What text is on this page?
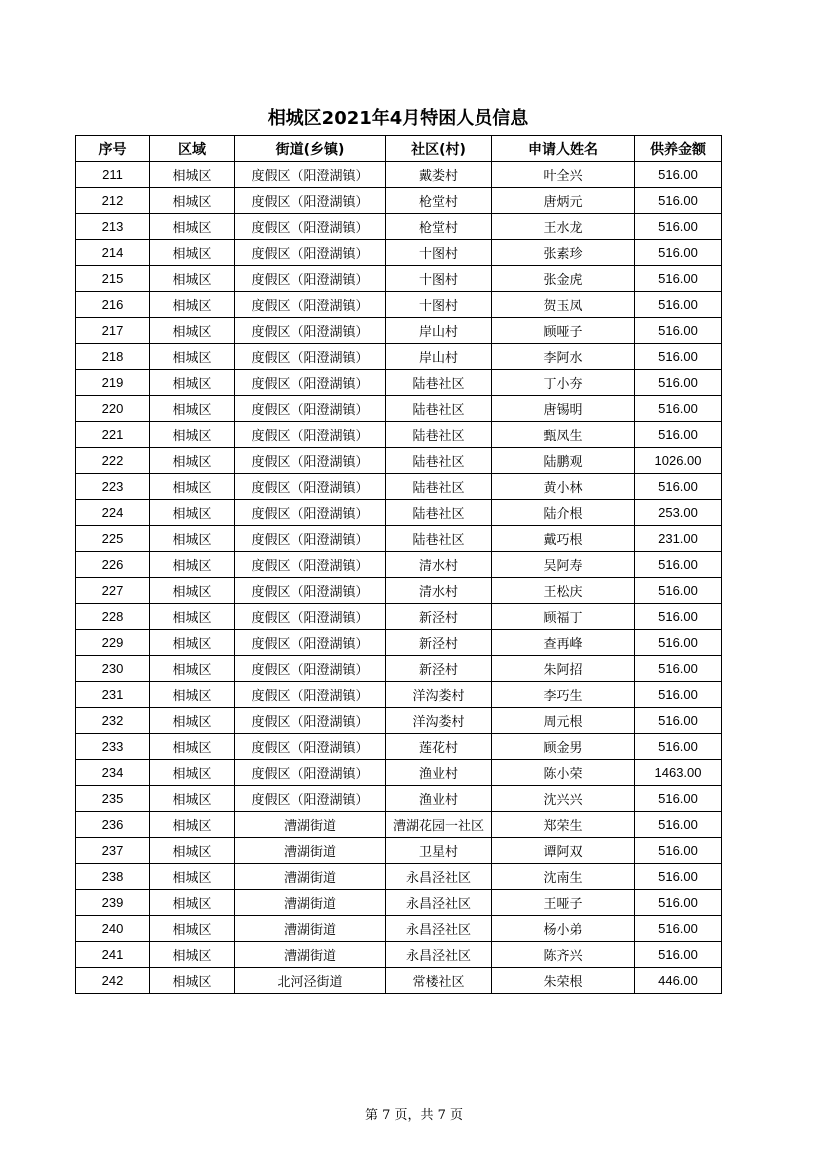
相城区2021年4月特困人员信息
序号	区域	街道(乡镇)	社区(村)	申请人姓名	供养金额
211	相城区	度假区（阳澄湖镇）	戴娄村	叶全兴	516.00
212	相城区	度假区（阳澄湖镇）	枪堂村	唐炳元	516.00
213	相城区	度假区（阳澄湖镇）	枪堂村	王水龙	516.00
214	相城区	度假区（阳澄湖镇）	十图村	张素珍	516.00
215	相城区	度假区（阳澄湖镇）	十图村	张金虎	516.00
216	相城区	度假区（阳澄湖镇）	十图村	贺玉凤	516.00
217	相城区	度假区（阳澄湖镇）	岸山村	顾哑子	516.00
218	相城区	度假区（阳澄湖镇）	岸山村	李阿水	516.00
219	相城区	度假区（阳澄湖镇）	陆巷社区	丁小夯	516.00
220	相城区	度假区（阳澄湖镇）	陆巷社区	唐锡明	516.00
221	相城区	度假区（阳澄湖镇）	陆巷社区	甄凤生	516.00
222	相城区	度假区（阳澄湖镇）	陆巷社区	陆鹏观	1026.00
223	相城区	度假区（阳澄湖镇）	陆巷社区	黄小林	516.00
224	相城区	度假区（阳澄湖镇）	陆巷社区	陆介根	253.00
225	相城区	度假区（阳澄湖镇）	陆巷社区	戴巧根	231.00
226	相城区	度假区（阳澄湖镇）	清水村	吴阿寿	516.00
227	相城区	度假区（阳澄湖镇）	清水村	王松庆	516.00
228	相城区	度假区（阳澄湖镇）	新泾村	顾福丁	516.00
229	相城区	度假区（阳澄湖镇）	新泾村	查再峰	516.00
230	相城区	度假区（阳澄湖镇）	新泾村	朱阿招	516.00
231	相城区	度假区（阳澄湖镇）	洋沟娄村	李巧生	516.00
232	相城区	度假区（阳澄湖镇）	洋沟娄村	周元根	516.00
233	相城区	度假区（阳澄湖镇）	莲花村	顾金男	516.00
234	相城区	度假区（阳澄湖镇）	渔业村	陈小荣	1463.00
235	相城区	度假区（阳澄湖镇）	渔业村	沈兴兴	516.00
236	相城区	漕湖街道	漕湖花园一社区	郑荣生	516.00
237	相城区	漕湖街道	卫星村	谭阿双	516.00
238	相城区	漕湖街道	永昌泾社区	沈南生	516.00
239	相城区	漕湖街道	永昌泾社区	王哑子	516.00
240	相城区	漕湖街道	永昌泾社区	杨小弟	516.00
241	相城区	漕湖街道	永昌泾社区	陈齐兴	516.00
242	相城区	北河泾街道	常楼社区	朱荣根	446.00
第 7 页，共 7 页
